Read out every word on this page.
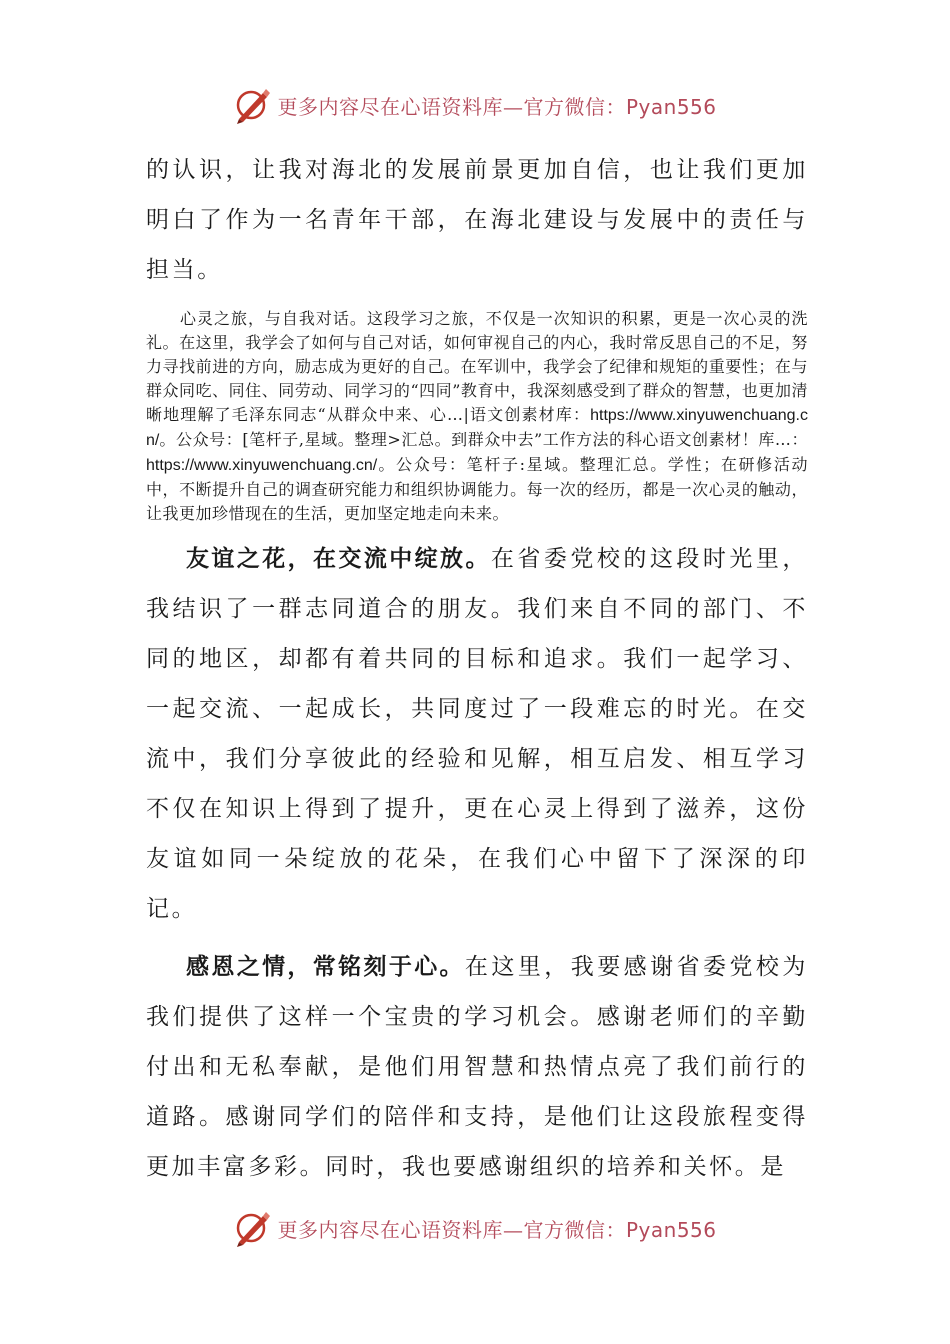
更多内容尽在心语资料库—官方微信：Pyan556

的认识，让我对海北的发展前景更加自信，也让我们更加明白了作为一名青年干部，在海北建设与发展中的责任与担当。

心灵之旅，与自我对话。这段学习之旅，不仅是一次知识的积累，更是一次心灵的洗礼。在这里，我学会了如何与自己对话，如何审视自己的内心，我时常反思自己的不足，努力寻找前进的方向，励志成为更好的自己。在军训中，我学会了纪律和规矩的重要性；在与群众同吃、同住、同劳动、同学习的“四同”教育中，我深刻感受到了群众的智慧，也更加清晰地理解了毛泽东同志“从群众中来、心…|语文创素材库：https://www.xinyuwenchuang.cn/。公众号：[笔杆子,星域。整理>汇总。到群众中去”工作方法的科心语文创素材！库…：https://www.xinyuwenchuang.cn/。公众号：笔杆子:星域。整理汇总。学性；在研修活动中，不断提升自己的调查研究能力和组织协调能力。每一次的经历，都是一次心灵的触动，让我更加珍惜现在的生活，更加坚定地走向未来。

友谊之花，在交流中绽放。在省委党校的这段时光里，我结识了一群志同道合的朋友。我们来自不同的部门、不同的地区，却都有着共同的目标和追求。我们一起学习、一起交流、一起成长，共同度过了一段难忘的时光。在交流中，我们分享彼此的经验和见解，相互启发、相互学习不仅在知识上得到了提升，更在心灵上得到了滋养，这份友谊如同一朵绽放的花朵，在我们心中留下了深深的印记。

感恩之情，常铭刻于心。在这里，我要感谢省委党校为我们提供了这样一个宝贵的学习机会。感谢老师们的辛勤付出和无私奉献，是他们用智慧和热情点亮了我们前行的道路。感谢同学们的陪伴和支持，是他们让这段旅程变得更加丰富多彩。同时，我也要感谢组织的培养和关怀。是

更多内容尽在心语资料库—官方微信：Pyan556
